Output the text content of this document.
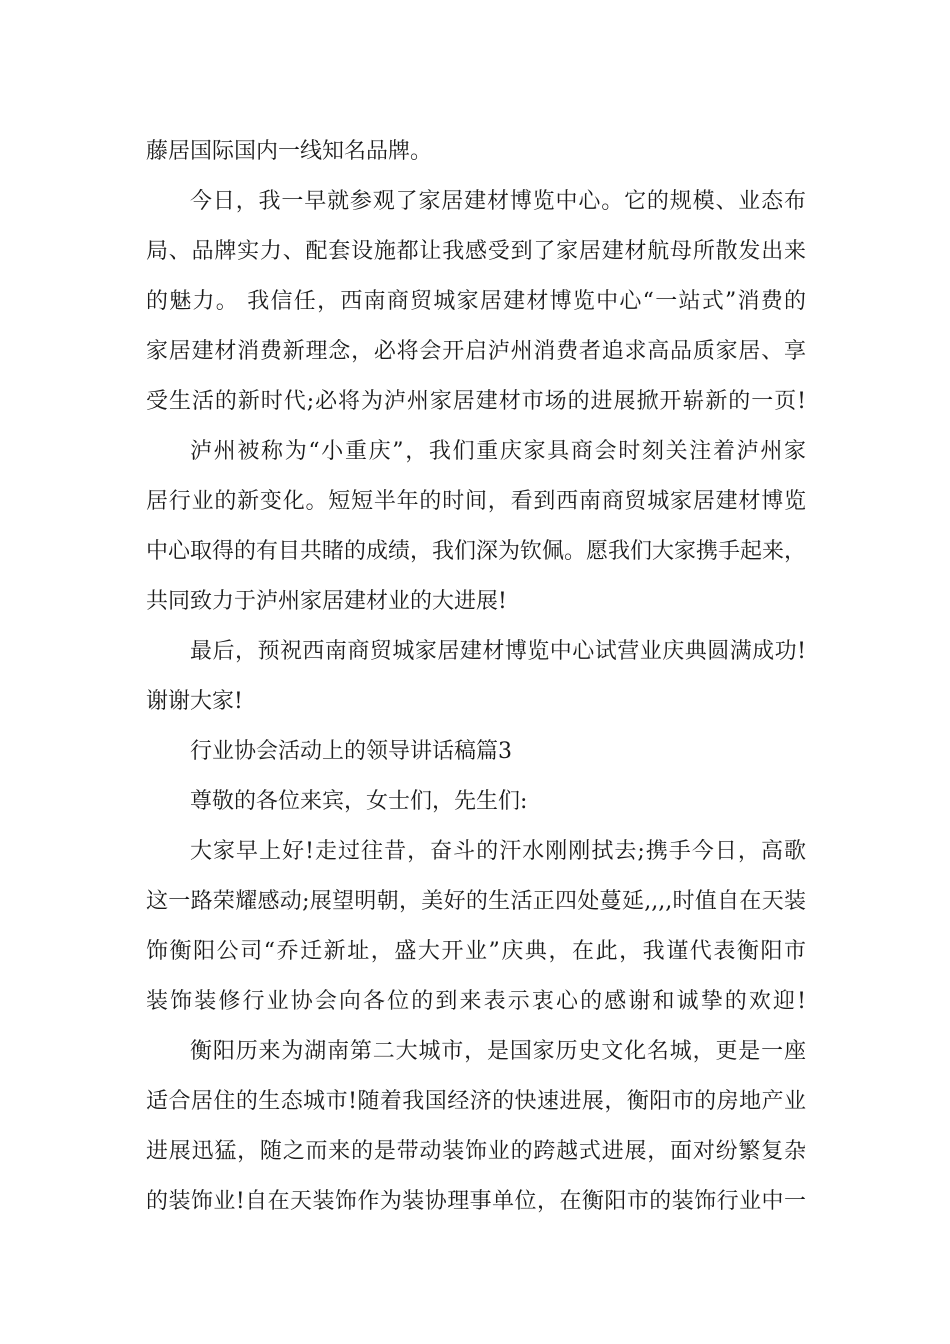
藤居国际国内一线知名品牌。
今日，我一早就参观了家居建材博览中心。它的规模、业态布
局、品牌实力、配套设施都让我感受到了家居建材航母所散发出来
的魅力。 我信任，西南商贸城家居建材博览中心“一站式”消费的
家居建材消费新理念，必将会开启泸州消费者追求高品质家居、享
受生活的新时代;必将为泸州家居建材市场的进展掀开崭新的一页!
泸州被称为“小重庆”，我们重庆家具商会时刻关注着泸州家
居行业的新变化。短短半年的时间，看到西南商贸城家居建材博览
中心取得的有目共睹的成绩，我们深为钦佩。愿我们大家携手起来，
共同致力于泸州家居建材业的大进展!
最后，预祝西南商贸城家居建材博览中心试营业庆典圆满成功!
谢谢大家!
行业协会活动上的领导讲话稿篇3
尊敬的各位来宾，女士们，先生们:
大家早上好!走过往昔，奋斗的汗水刚刚拭去;携手今日，高歌
这一路荣耀感动;展望明朝，美好的生活正四处蔓延,,,,时值自在天装
饰衡阳公司“乔迁新址，盛大开业”庆典，在此，我谨代表衡阳市
装饰装修行业协会向各位的到来表示衷心的感谢和诚挚的欢迎!
衡阳历来为湖南第二大城市，是国家历史文化名城，更是一座
适合居住的生态城市!随着我国经济的快速进展，衡阳市的房地产业
进展迅猛，随之而来的是带动装饰业的跨越式进展，面对纷繁复杂
的装饰业!自在天装饰作为装协理事单位，在衡阳市的装饰行业中一
